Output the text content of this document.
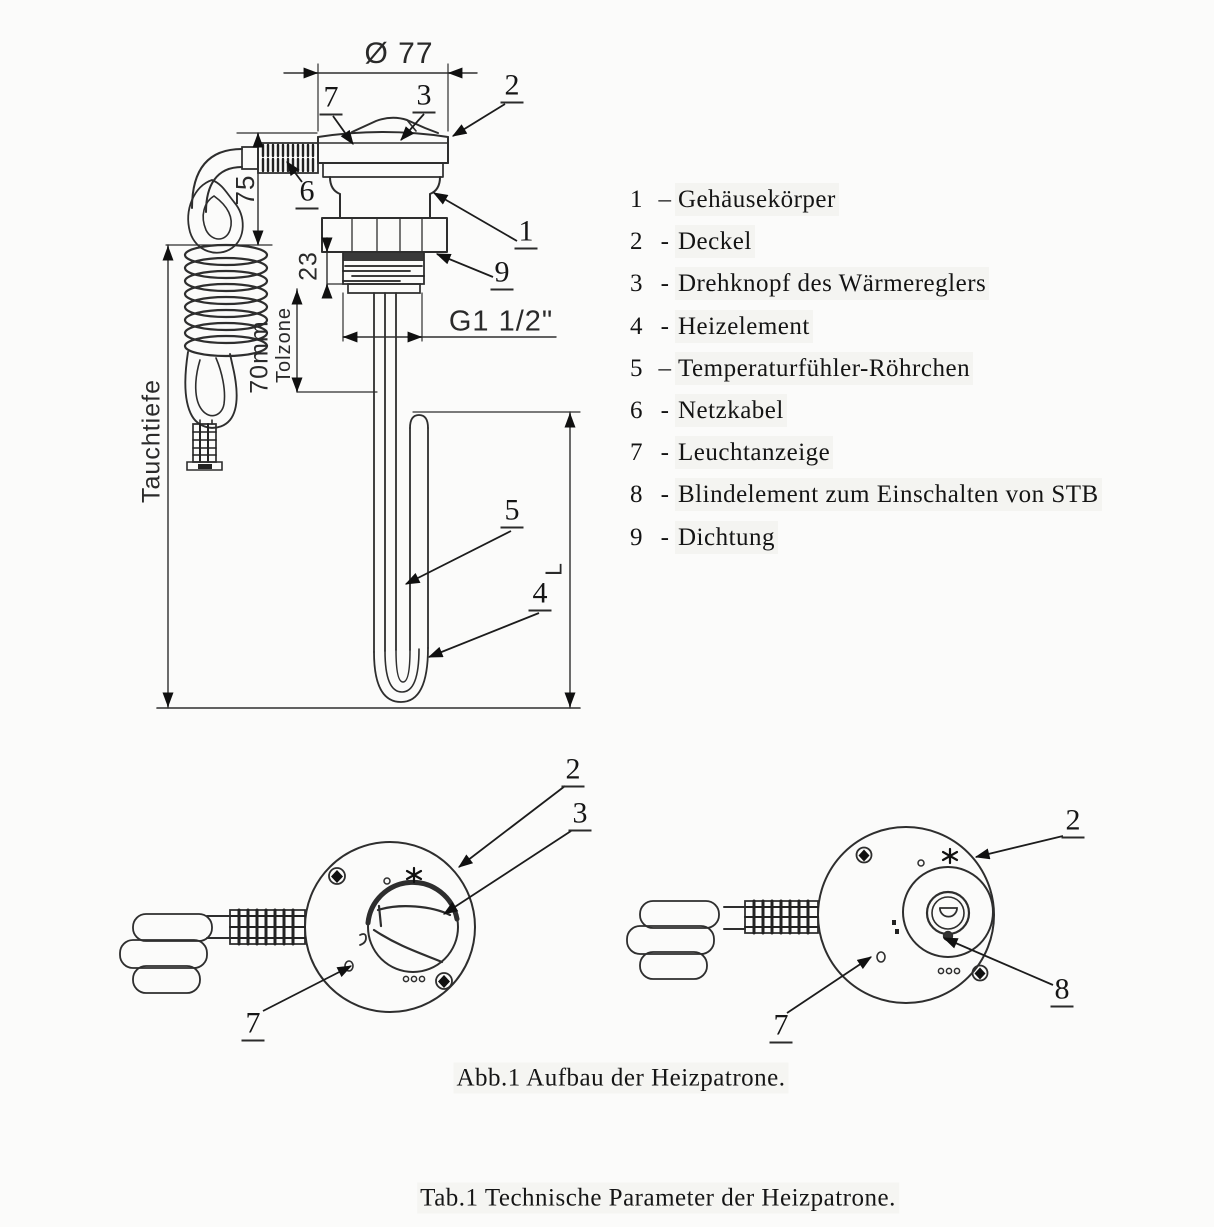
Ø 77
75
23
70mm Tolzone
Tauchtiefe
G1 1/2"
L
7	3 2
6
1
9
5
4
2
3
7
2
8
7
1 – Gehäusekörper
2 - Deckel
3 - Drehknopf des Wärmereglers
4 - Heizelement
5 – Temperaturfühler-Röhrchen
6 - Netzkabel
7 - Leuchtanzeige
8 - Blindelement zum Einschalten von STB
9 - Dichtung
Abb.1 Aufbau der Heizpatrone.
Tab.1 Technische Parameter der Heizpatrone.
